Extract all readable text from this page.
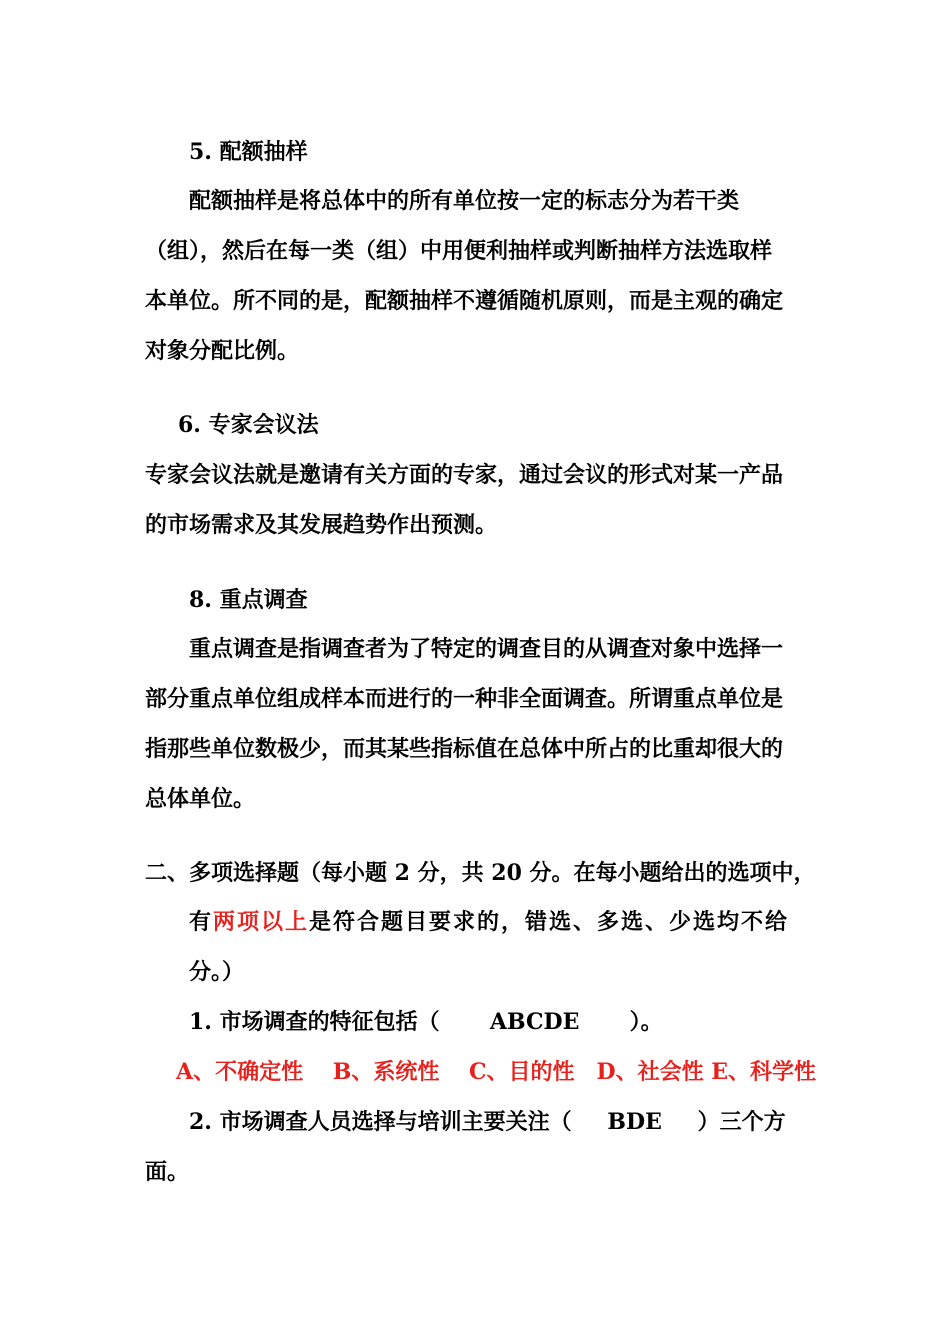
5. 配额抽样
配额抽样是将总体中的所有单位按一定的标志分为若干类
（组），然后在每一类（组）中用便利抽样或判断抽样方法选取样
本单位。所不同的是，配额抽样不遵循随机原则，而是主观的确定
对象分配比例。
6. 专家会议法
专家会议法就是邀请有关方面的专家，通过会议的形式对某一产品
的市场需求及其发展趋势作出预测。
8. 重点调查
重点调查是指调查者为了特定的调查目的从调查对象中选择一
部分重点单位组成样本而进行的一种非全面调查。所谓重点单位是
指那些单位数极少，而其某些指标值在总体中所占的比重却很大的
总体单位。
二、多项选择题（每小题 2 分，共 20 分。在每小题给出的选项中，
有两项以上是符合题目要求的，错选、多选、少选均不给
分。）
1. 市场调查的特征包括（ ABCDE ）。
A、不确定性　 B、系统性　 C、目的性　D、社会性 E、科学性
2. 市场调查人员选择与培训主要关注（ BDE ）三个方
面。
